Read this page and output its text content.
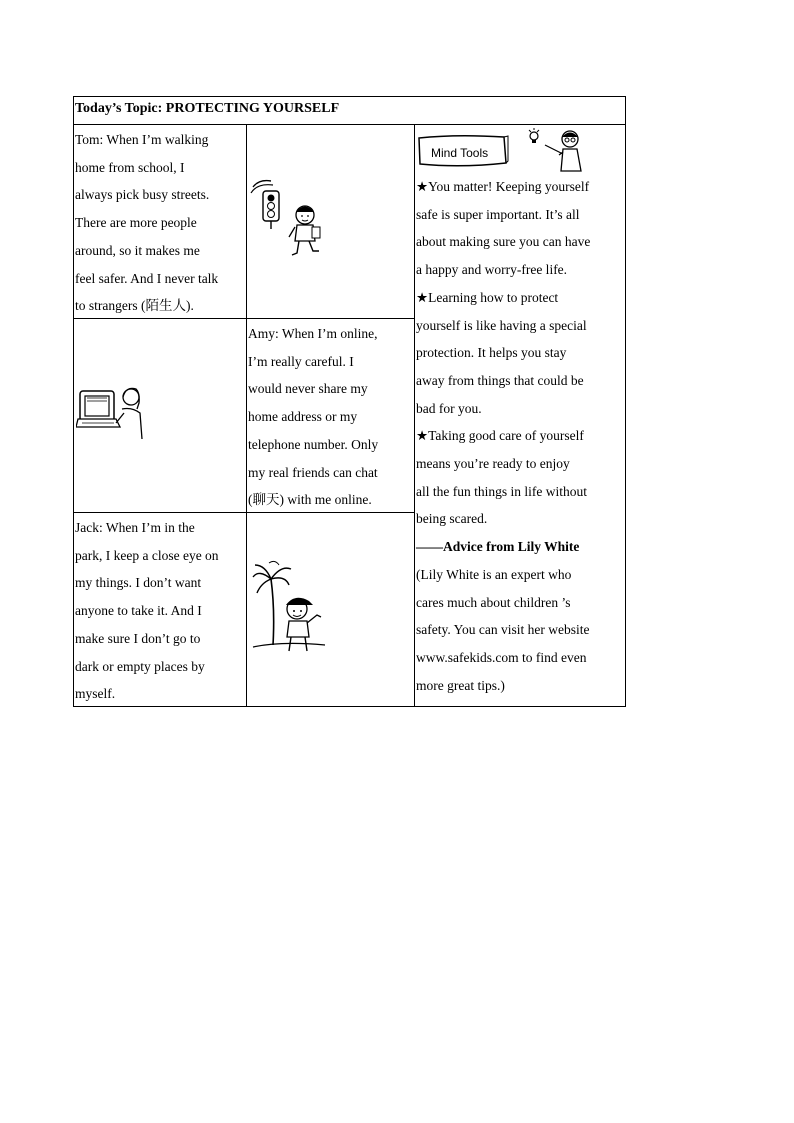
Today’s Topic: PROTECTING YOURSELF

Tom: When I’m walking

home from school, I

always pick busy streets.

There are more people

around, so it makes me

feel safer. And I never talk

to strangers (陌生人).

Mind Tools

★You matter! Keeping yourself

safe is super important. It’s all

about making sure you can have

a happy and worry-free life.

★Learning how to protect

yourself is like having a special

protection. It helps you stay

away from things that could be

bad for you.

★Taking good care of yourself

means you’re ready to enjoy

all the fun things in life without

being scared.

——Advice from Lily White

(Lily White is an expert who

cares much about children ’s

safety. You can visit her website

www.safekids.com to find even

more great tips.)

Amy: When I’m online,

I’m really careful. I

would never share my

home address or my

telephone number. Only

my real friends can chat

(聊天) with me online.

Jack: When I’m in the

park, I keep a close eye on

my things. I don’t want

anyone to take it. And I

make sure I don’t go to

dark or empty places by

myself.
